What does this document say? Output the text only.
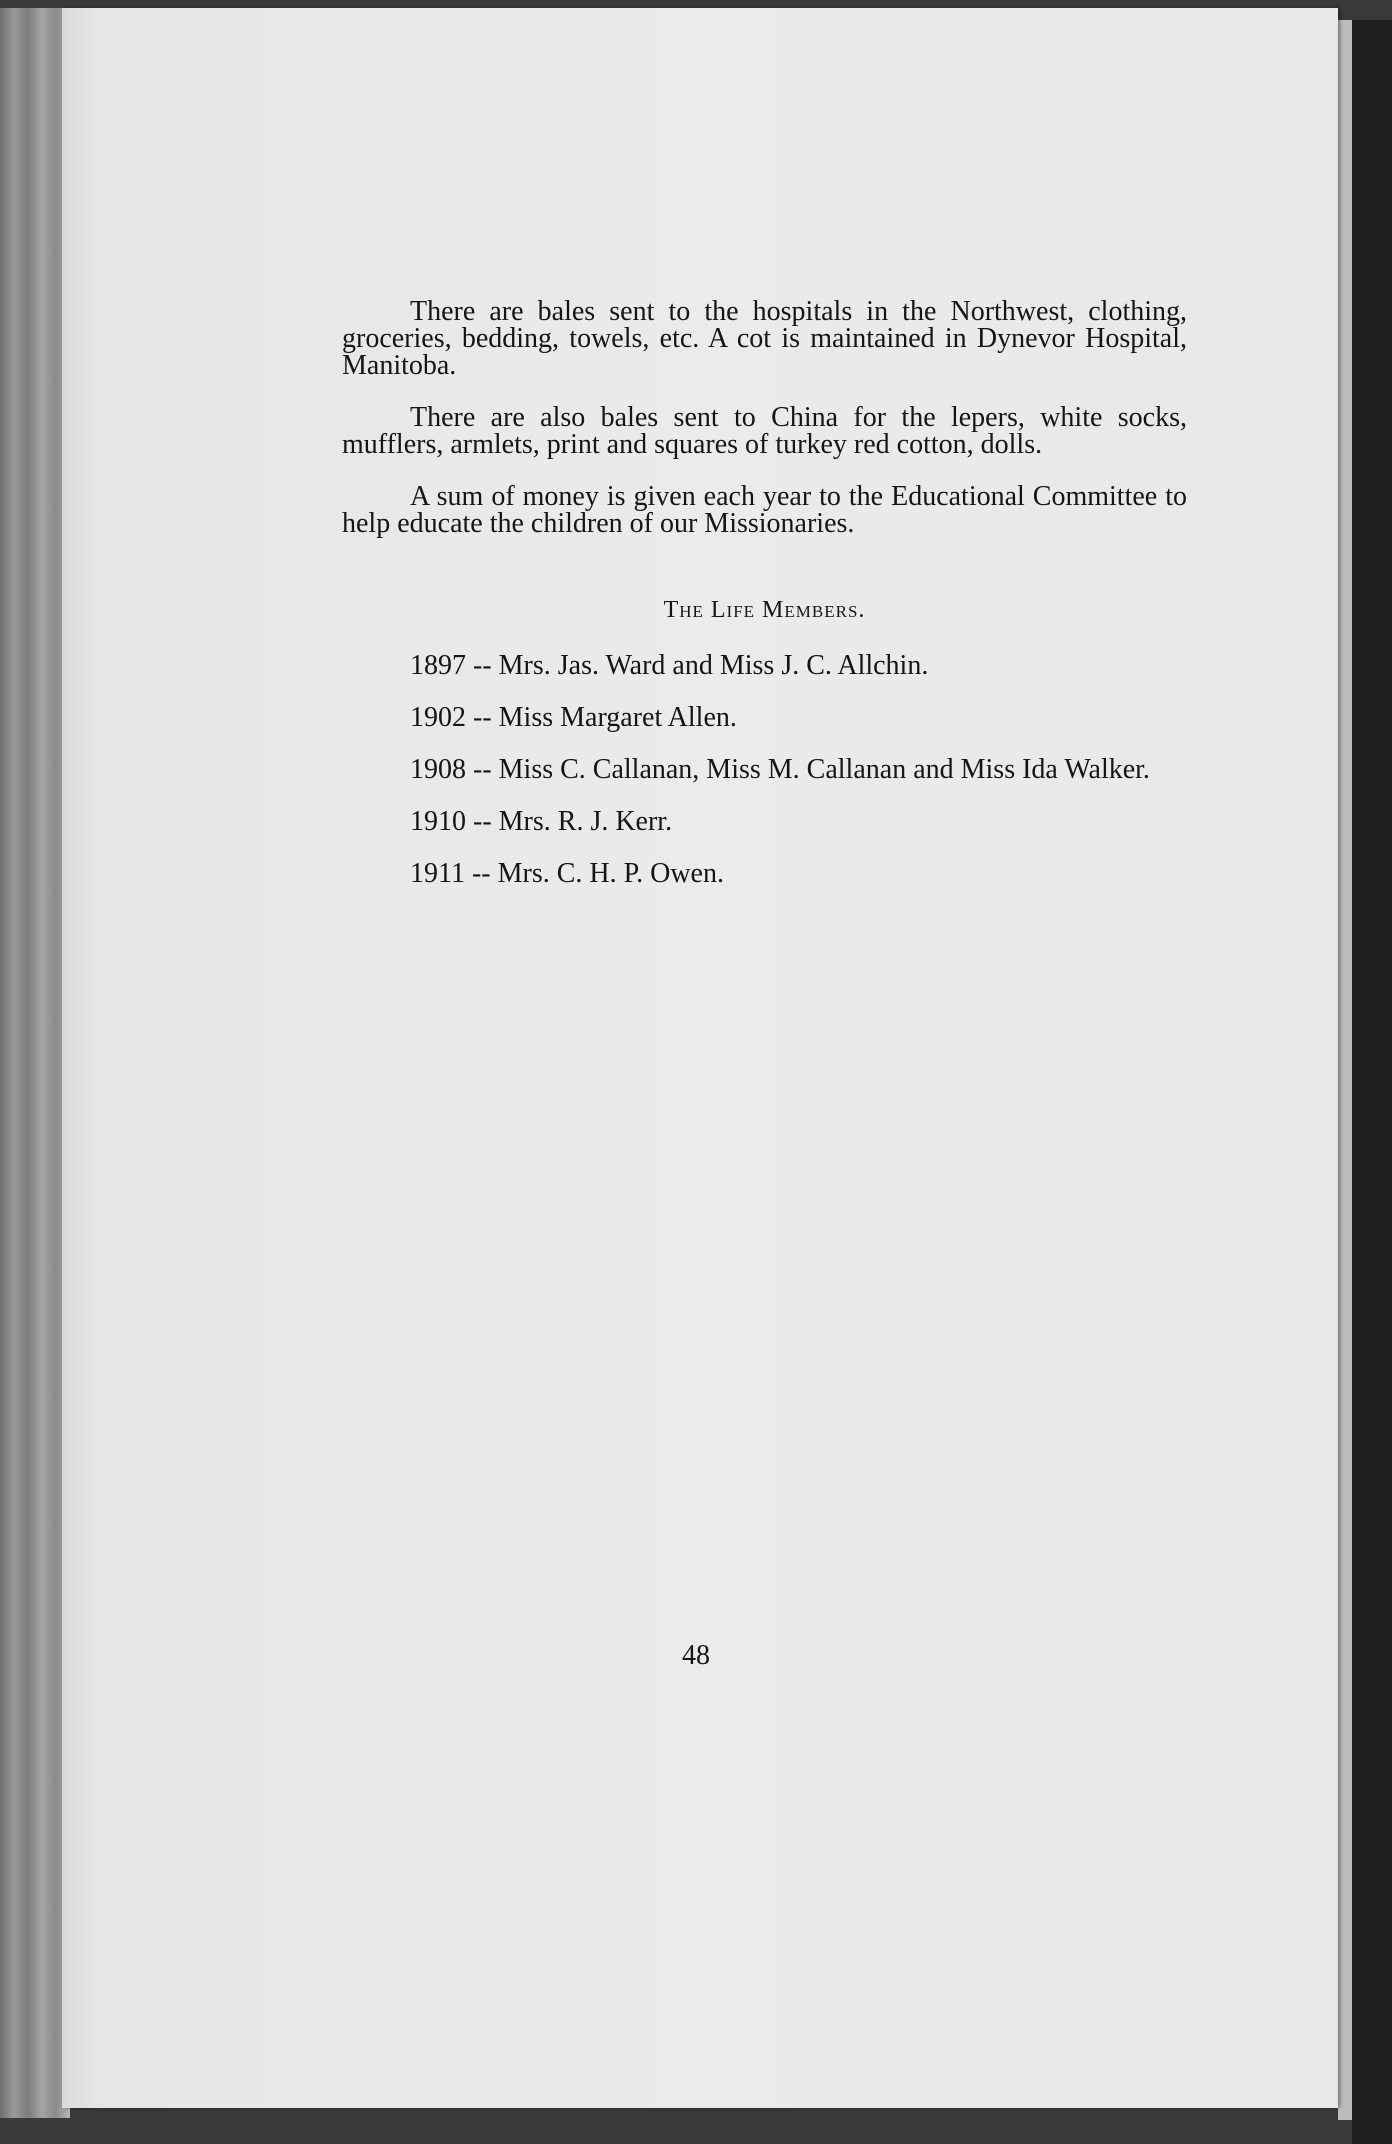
There are bales sent to the hospitals in the Northwest, clothing, groceries, bedding, towels, etc. A cot is maintained in Dynevor Hospital, Manitoba.

There are also bales sent to China for the lepers, white socks, mufflers, armlets, print and squares of turkey red cotton, dolls.

A sum of money is given each year to the Educational Committee to help educate the children of our Missionaries.

The Life Members.

1897 -- Mrs. Jas. Ward and Miss J. C. Allchin.

1902 -- Miss Margaret Allen.

1908 -- Miss C. Callanan, Miss M. Callanan and Miss Ida Walker.

1910 -- Mrs. R. J. Kerr.

1911 -- Mrs. C. H. P. Owen.

48
